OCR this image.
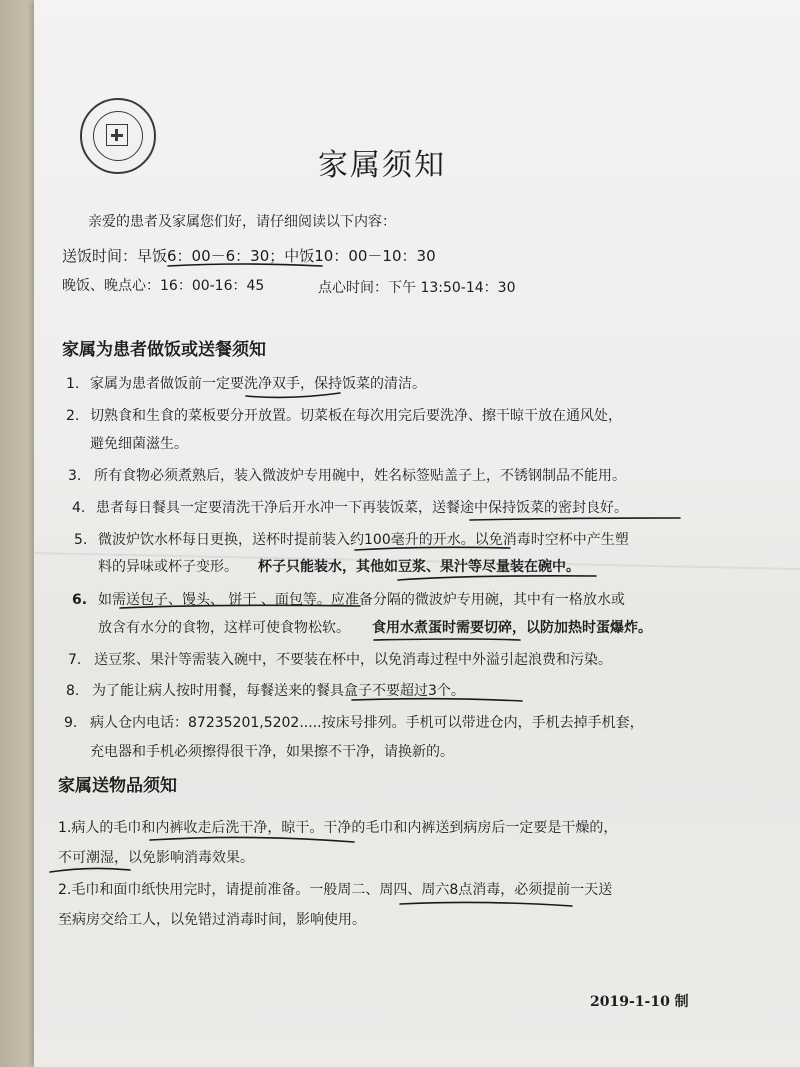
家属须知
亲爱的患者及家属您们好，请仔细阅读以下内容：
送饭时间：早饭6：00－6：30；中饭10：00－10：30
晚饭、晚点心：16：00-16：45	点心时间：下午 13:50-14：30
家属为患者做饭或送餐须知
1. 家属为患者做饭前一定要洗净双手，保持饭菜的清洁。
2. 切熟食和生食的菜板要分开放置。切菜板在每次用完后要洗净、擦干晾干放在通风处，
避免细菌滋生。
3. 所有食物必须煮熟后，装入微波炉专用碗中，姓名标签贴盖子上，不锈钢制品不能用。
4. 患者每日餐具一定要清洗干净后开水冲一下再装饭菜，送餐途中保持饭菜的密封良好。
5. 微波炉饮水杯每日更换，送杯时提前装入约100毫升的开水。以免消毒时空杯中产生塑
料的异味或杯子变形。 杯子只能装水，其他如豆浆、果汁等尽量装在碗中。
6. 如需送包子、馒头、 饼干 、面包等。应准备分隔的微波炉专用碗，其中有一格放水或
放含有水分的食物，这样可使食物松软。 食用水煮蛋时需要切碎，以防加热时蛋爆炸。
7. 送豆浆、果汁等需装入碗中，不要装在杯中，以免消毒过程中外溢引起浪费和污染。
8. 为了能让病人按时用餐，每餐送来的餐具盒子不要超过3个。
9. 病人仓内电话：87235201,5202.....按床号排列。手机可以带进仓内，手机去掉手机套，
充电器和手机必须擦得很干净，如果擦不干净，请换新的。
家属送物品须知
1.病人的毛巾和内裤收走后洗干净，晾干。干净的毛巾和内裤送到病房后一定要是干燥的，
不可潮湿，以免影响消毒效果。
2.毛巾和面巾纸快用完时，请提前准备。一般周二、周四、周六8点消毒，必须提前一天送
至病房交给工人，以免错过消毒时间，影响使用。
2019-1-10 制
